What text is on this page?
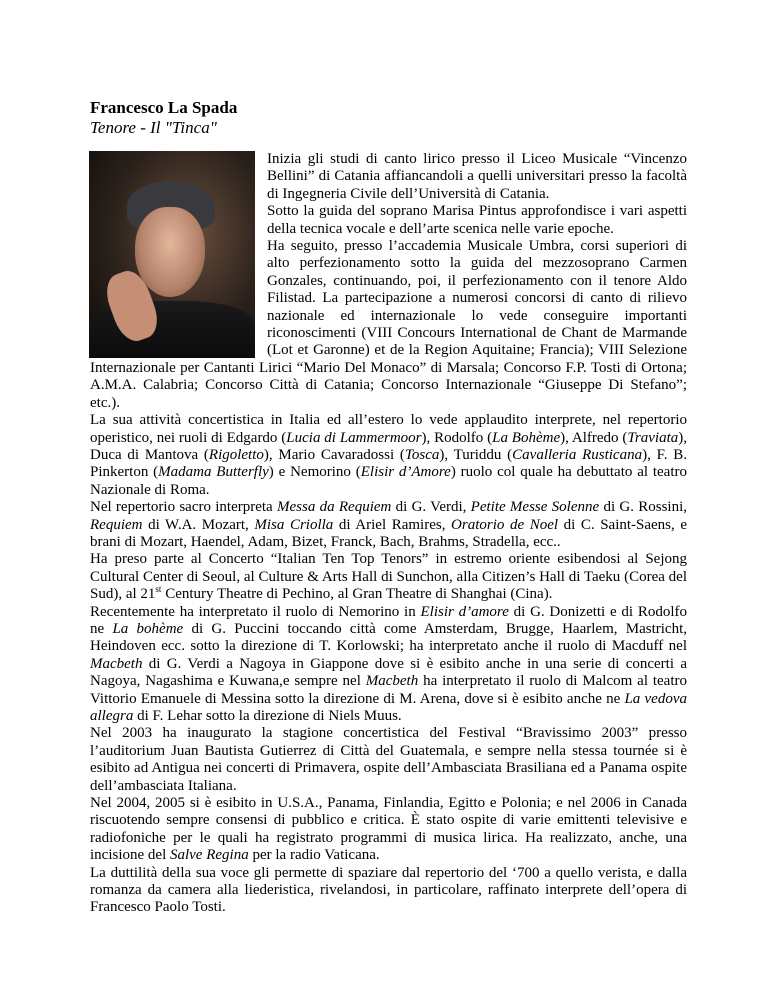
Francesco La Spada

Tenore - Il "Tinca"

Inizia gli studi di canto lirico presso il Liceo Musicale “Vincenzo Bellini” di Catania affiancandoli a quelli universitari presso la facoltà di Ingegneria Civile dell’Università di Catania.

Sotto la guida del soprano Marisa Pintus approfondisce i vari aspetti della tecnica vocale e dell’arte scenica nelle varie epoche.

Ha seguito, presso l’accademia Musicale Umbra, corsi superiori di alto perfezionamento sotto la guida del mezzosoprano Carmen Gonzales, continuando, poi, il perfezionamento con il tenore Aldo Filistad. La partecipazione a numerosi concorsi di canto di rilievo nazionale ed internazionale lo vede conseguire importanti riconoscimenti (VIII Concours International de Chant de Marmande (Lot et Garonne) et de la Region Aquitaine; Francia); VIII Selezione Internazionale per Cantanti Lirici “Mario Del Monaco” di Marsala; Concorso F.P. Tosti di Ortona; A.M.A. Calabria; Concorso Città di Catania; Concorso Internazionale “Giuseppe Di Stefano”; etc.).

La sua attività concertistica in Italia ed all’estero lo vede applaudito interprete, nel repertorio operistico, nei ruoli di Edgardo (Lucia di Lammermoor), Rodolfo (La Bohème), Alfredo (Traviata), Duca di Mantova (Rigoletto), Mario Cavaradossi (Tosca), Turiddu (Cavalleria Rusticana), F. B. Pinkerton (Madama Butterfly) e Nemorino (Elisir d’Amore) ruolo col quale ha debuttato al teatro Nazionale di Roma.

Nel repertorio sacro interpreta Messa da Requiem di G. Verdi, Petite Messe Solenne di G. Rossini, Requiem di W.A. Mozart, Misa Criolla di Ariel Ramires, Oratorio de Noel di C. Saint-Saens, e brani di Mozart, Haendel, Adam, Bizet, Franck, Bach, Brahms, Stradella, ecc..

Ha preso parte al Concerto “Italian Ten Top Tenors” in estremo oriente esibendosi al Sejong Cultural Center di Seoul, al Culture & Arts Hall di Sunchon, alla Citizen’s Hall di Taeku (Corea del Sud), al 21st Century Theatre di Pechino, al Gran Theatre di Shanghai (Cina).

Recentemente ha interpretato il ruolo di Nemorino in Elisir d’amore di G. Donizetti e di Rodolfo ne La bohème di G. Puccini toccando città come Amsterdam, Brugge, Haarlem, Mastricht, Heindoven ecc. sotto la direzione di T. Korlowski; ha interpretato anche il ruolo di Macduff nel Macbeth di G. Verdi a Nagoya in Giappone dove si è esibito anche in una serie di concerti a Nagoya, Nagashima e Kuwana,e sempre nel Macbeth ha interpretato il ruolo di Malcom al teatro Vittorio Emanuele di Messina sotto la direzione di M. Arena, dove si è esibito anche ne La vedova allegra di F. Lehar sotto la direzione di Niels Muus.

Nel 2003 ha inaugurato la stagione concertistica del Festival “Bravissimo 2003” presso l’auditorium Juan Bautista Gutierrez di Città del Guatemala, e sempre nella stessa tournée si è esibito ad Antigua nei concerti di Primavera, ospite dell’Ambasciata Brasiliana ed a Panama ospite dell’ambasciata Italiana.

Nel 2004, 2005 si è esibito in U.S.A., Panama, Finlandia, Egitto e Polonia; e nel 2006 in Canada riscuotendo sempre consensi di pubblico e critica. È stato ospite di varie emittenti televisive e radiofoniche per le quali ha registrato programmi di musica lirica. Ha realizzato, anche, una incisione del Salve Regina per la radio Vaticana.

La duttilità della sua voce gli permette di spaziare dal repertorio del ‘700 a quello verista, e dalla romanza da camera alla liederistica, rivelandosi, in particolare, raffinato interprete dell’opera di Francesco Paolo Tosti.
